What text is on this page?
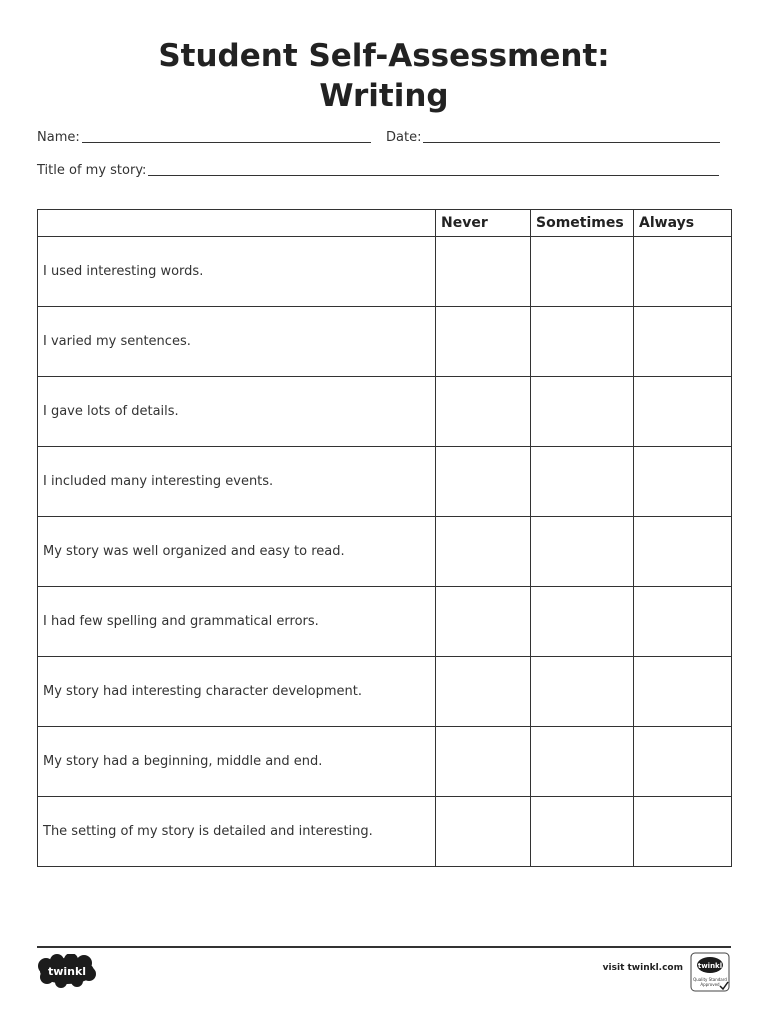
Student Self-Assessment:
Writing
Name:	Date:
Title of my story:
	Never	Sometimes	Always
I used interesting words.			
I varied my sentences.			
I gave lots of details.			
I included many interesting events.			
My story was well organized and easy to read.			
I had few spelling and grammatical errors.			
My story had interesting character development.			
My story had a beginning, middle and end.			
The setting of my story is detailed and interesting.			
twinkl	visit twinkl.com twinkl
Quality Standard
Approved
